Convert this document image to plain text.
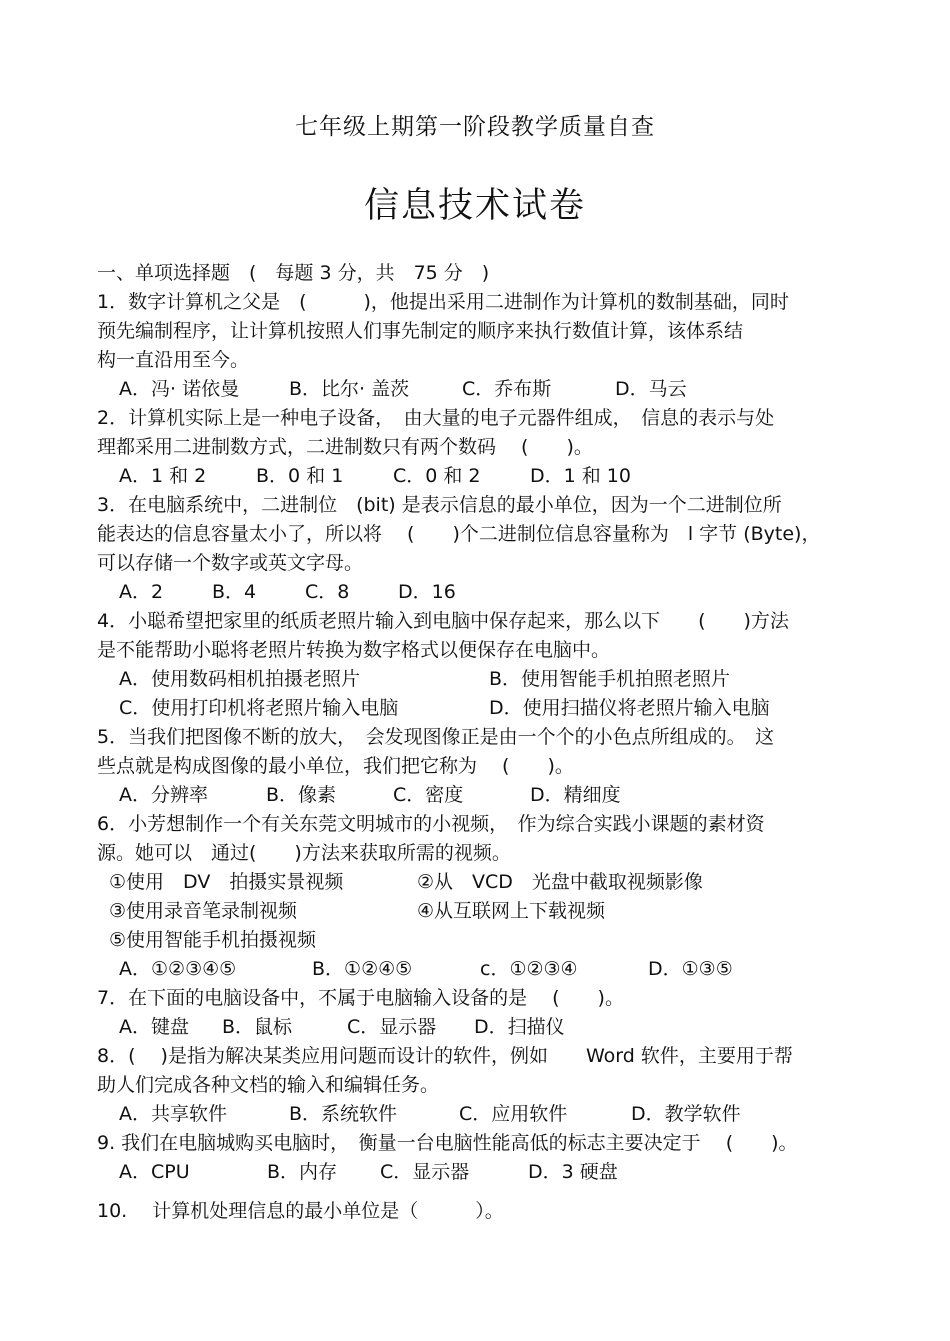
七年级上期第一阶段教学质量自查
信息技术试卷
一、单项选择题　(　每题 3 分，共　75 分　)
1．数字计算机之父是　(　　　)，他提出采用二进制作为计算机的数制基础，同时
预先编制程序，让计算机按照人们事先制定的顺序来执行数值计算，该体系结
构一直沿用至今。
A．冯· 诺依曼	B．比尔· 盖茨	C．乔布斯	D．马云
2．计算机实际上是一种电子设备，　由大量的电子元器件组成，　信息的表示与处
理都采用二进制数方式，二进制数只有两个数码　 (　　)。
A．1 和 2	B．0 和 1	C．0 和 2	D．1 和 10
3．在电脑系统中，二进制位　(bit) 是表示信息的最小单位，因为一个二进制位所
能表达的信息容量太小了，所以将　 (　　)个二进制位信息容量称为　l 字节 (Byte)，
可以存储一个数字或英文字母。
A．2	B．4	C．8	D．16
4．小聪希望把家里的纸质老照片输入到电脑中保存起来，那么以下　　(　　)方法
是不能帮助小聪将老照片转换为数字格式以便保存在电脑中。
A．使用数码相机拍摄老照片	B．使用智能手机拍照老照片
C．使用打印机将老照片输入电脑	D．使用扫描仪将老照片输入电脑
5．当我们把图像不断的放大，　会发现图像正是由一个个的小色点所组成的。　这
些点就是构成图像的最小单位，我们把它称为　 (　　)。
A．分辨率	B．像素	C．密度	D．精细度
6．小芳想制作一个有关东莞文明城市的小视频，　作为综合实践小课题的素材资
源。她可以　通过(　　)方法来获取所需的视频。
①使用　DV　拍摄实景视频	②从　VCD　光盘中截取视频影像
③使用录音笔录制视频	④从互联网上下载视频
⑤使用智能手机拍摄视频
A．①②③④⑤	B．①②④⑤	c．①②③④	D．①③⑤
7．在下面的电脑设备中，不属于电脑输入设备的是　 (　　)。
A．键盘	B．鼠标	C．显示器	D．扫描仪
8．(　 )是指为解决某类应用问题而设计的软件，例如　　Word 软件，主要用于帮
助人们完成各种文档的输入和编辑任务。
A．共享软件	B．系统软件	C．应用软件	D．教学软件
9. 我们在电脑城购买电脑时，　衡量一台电脑性能高低的标志主要决定于　 (　　)。
A．CPU	B．内存	C．显示器	D．3 硬盘
10.　 计算机处理信息的最小单位是（　　　）。
